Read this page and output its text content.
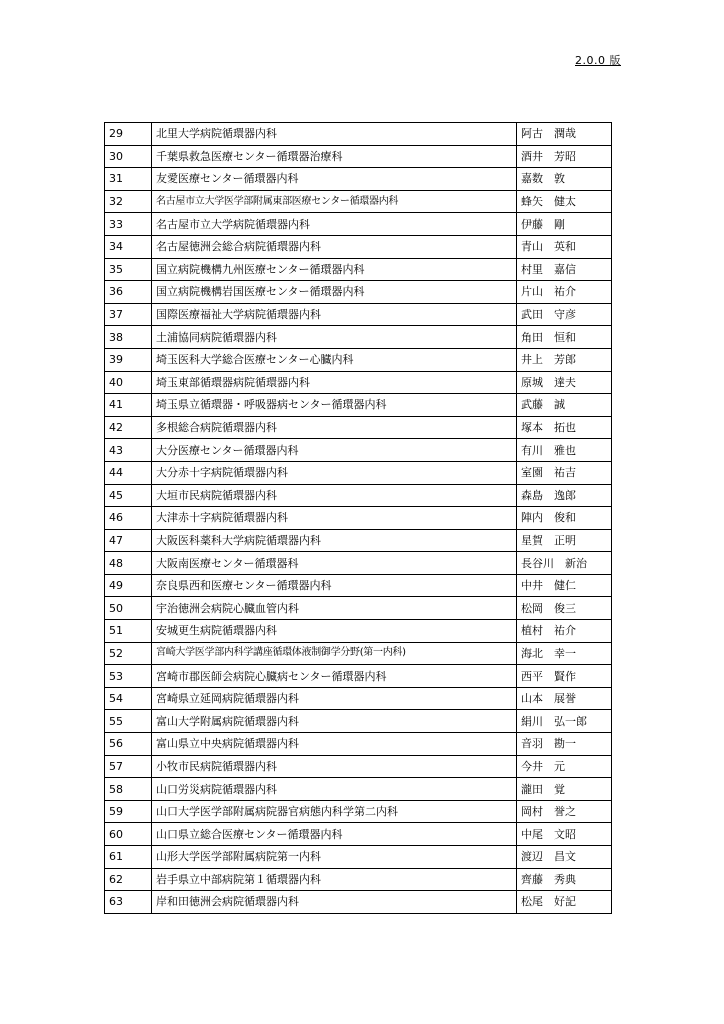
2.0.0 版
29	北里大学病院循環器内科	阿古　潤哉
30	千葉県救急医療センター循環器治療科	酒井　芳昭
31	友愛医療センター循環器内科	嘉数　敦
32	名古屋市立大学医学部附属東部医療センター循環器内科	蜂矢　健太
33	名古屋市立大学病院循環器内科	伊藤　剛
34	名古屋徳洲会総合病院循環器内科	青山　英和
35	国立病院機構九州医療センター循環器内科	村里　嘉信
36	国立病院機構岩国医療センター循環器内科	片山　祐介
37	国際医療福祉大学病院循環器内科	武田　守彦
38	土浦協同病院循環器内科	角田　恒和
39	埼玉医科大学総合医療センター心臓内科	井上　芳郎
40	埼玉東部循環器病院循環器内科	原城　達夫
41	埼玉県立循環器・呼吸器病センター循環器内科	武藤　誠
42	多根総合病院循環器内科	塚本　拓也
43	大分医療センター循環器内科	有川　雅也
44	大分赤十字病院循環器内科	室園　祐吉
45	大垣市民病院循環器内科	森島　逸郎
46	大津赤十字病院循環器内科	陣内　俊和
47	大阪医科薬科大学病院循環器内科	星賀　正明
48	大阪南医療センター循環器科	長谷川　新治
49	奈良県西和医療センター循環器内科	中井　健仁
50	宇治徳洲会病院心臓血管内科	松岡　俊三
51	安城更生病院循環器内科	植村　祐介
52	宮崎大学医学部内科学講座循環体液制御学分野(第一内科)	海北　幸一
53	宮崎市郡医師会病院心臓病センター循環器内科	西平　賢作
54	宮崎県立延岡病院循環器内科	山本　展誉
55	富山大学附属病院循環器内科	絹川　弘一郎
56	富山県立中央病院循環器内科	音羽　勘一
57	小牧市民病院循環器内科	今井　元
58	山口労災病院循環器内科	瀧田　覚
59	山口大学医学部附属病院器官病態内科学第二内科	岡村　誉之
60	山口県立総合医療センター循環器内科	中尾　文昭
61	山形大学医学部附属病院第一内科	渡辺　昌文
62	岩手県立中部病院第１循環器内科	齊藤　秀典
63	岸和田徳洲会病院循環器内科	松尾　好記
